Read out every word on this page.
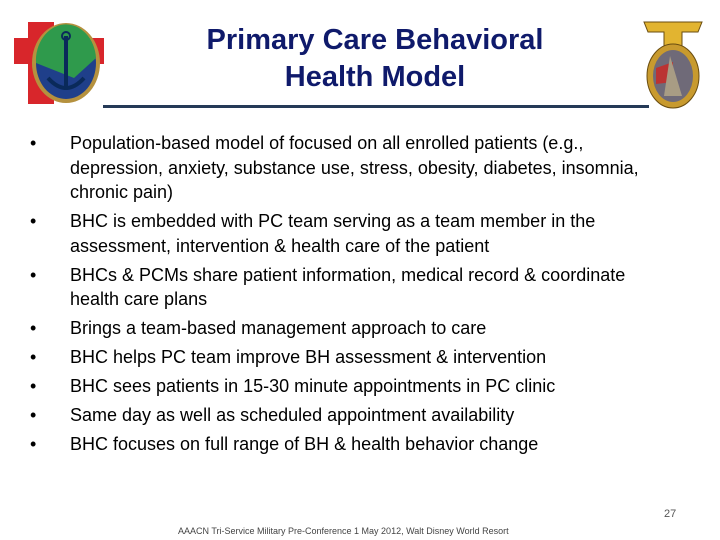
Primary Care Behavioral
Health Model
• Population-based model of focused on all enrolled patients (e.g., depression, anxiety, substance use, stress, obesity, diabetes, insomnia, chronic pain)
• BHC is embedded with PC team serving as a team member in the assessment, intervention & health care of the patient
• BHCs & PCMs share patient information, medical record & coordinate health care plans
• Brings a team-based management approach to care
• BHC helps PC team improve BH assessment & intervention
• BHC sees patients in 15-30 minute appointments in PC clinic
• Same day as well as scheduled appointment availability
• BHC focuses on full range of BH & health behavior change
27
AAACN Tri-Service Military Pre-Conference 1 May 2012, Walt Disney World Resort
